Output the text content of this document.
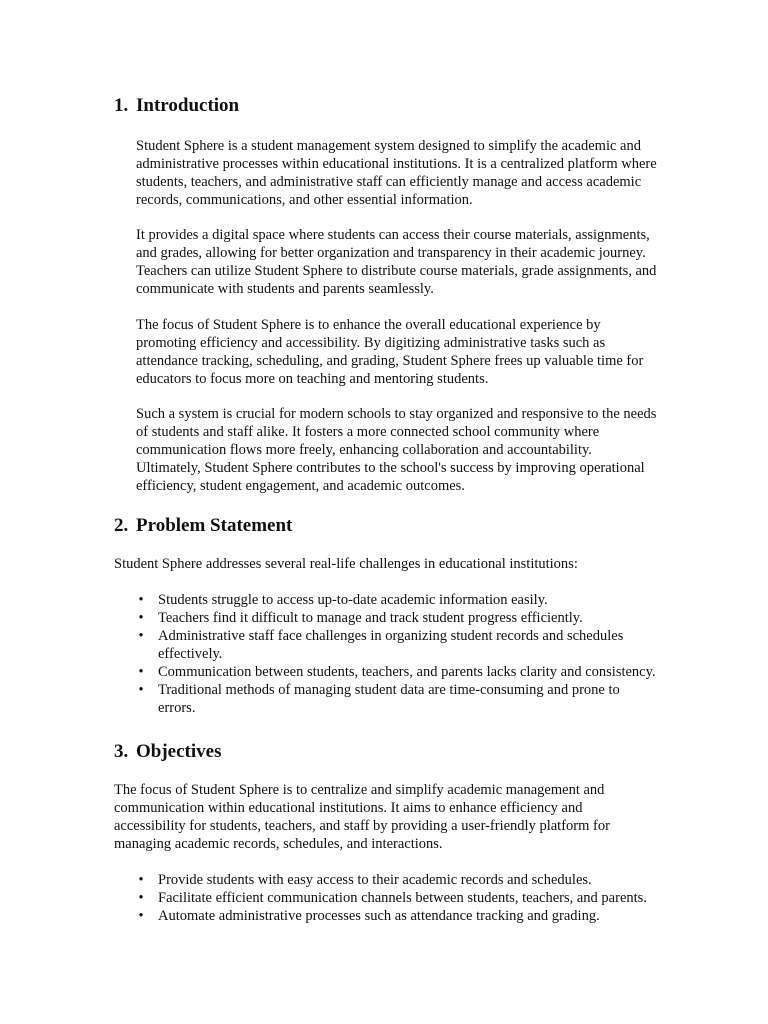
1. Introduction
Student Sphere is a student management system designed to simplify the academic and
administrative processes within educational institutions. It is a centralized platform where
students, teachers, and administrative staff can efficiently manage and access academic
records, communications, and other essential information.
It provides a digital space where students can access their course materials, assignments,
and grades, allowing for better organization and transparency in their academic journey.
Teachers can utilize Student Sphere to distribute course materials, grade assignments, and
communicate with students and parents seamlessly.
The focus of Student Sphere is to enhance the overall educational experience by
promoting efficiency and accessibility. By digitizing administrative tasks such as
attendance tracking, scheduling, and grading, Student Sphere frees up valuable time for
educators to focus more on teaching and mentoring students.
Such a system is crucial for modern schools to stay organized and responsive to the needs
of students and staff alike. It fosters a more connected school community where
communication flows more freely, enhancing collaboration and accountability.
Ultimately, Student Sphere contributes to the school's success by improving operational
efficiency, student engagement, and academic outcomes.
2. Problem Statement
Student Sphere addresses several real-life challenges in educational institutions:
• Students struggle to access up-to-date academic information easily.
• Teachers find it difficult to manage and track student progress efficiently.
• Administrative staff face challenges in organizing student records and schedules
effectively.
• Communication between students, teachers, and parents lacks clarity and consistency.
• Traditional methods of managing student data are time-consuming and prone to
errors.
3. Objectives
The focus of Student Sphere is to centralize and simplify academic management and
communication within educational institutions. It aims to enhance efficiency and
accessibility for students, teachers, and staff by providing a user-friendly platform for
managing academic records, schedules, and interactions.
• Provide students with easy access to their academic records and schedules.
• Facilitate efficient communication channels between students, teachers, and parents.
• Automate administrative processes such as attendance tracking and grading.
